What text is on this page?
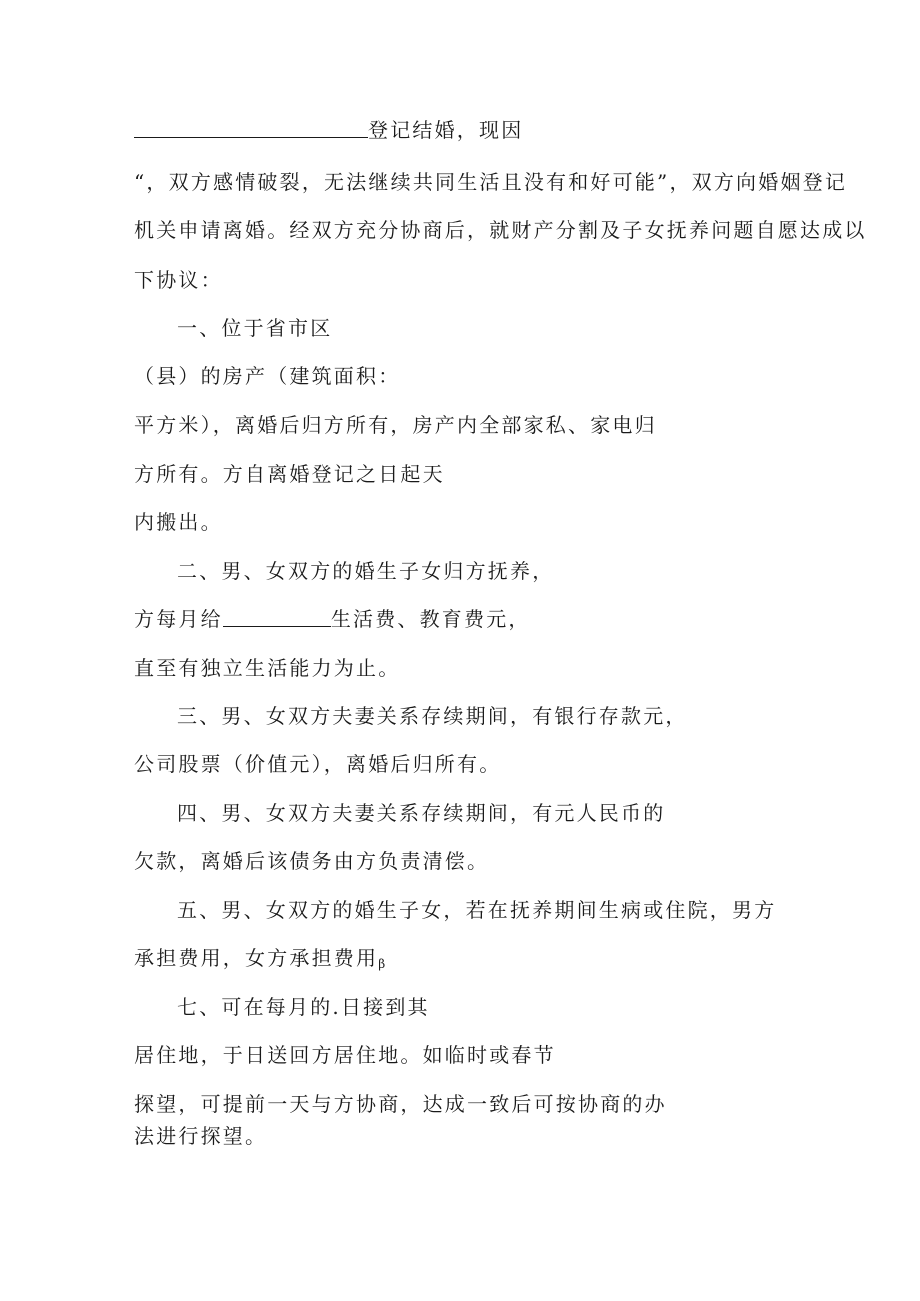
登记结婚，现因
“，双方感情破裂，无法继续共同生活且没有和好可能”，双方向婚姻登记
机关申请离婚。经双方充分协商后，就财产分割及子女抚养问题自愿达成以
下协议：
一、位于省市区
（县）的房产（建筑面积：
平方米），离婚后归方所有，房产内全部家私、家电归
方所有。方自离婚登记之日起天
内搬出。
二、男、女双方的婚生子女归方抚养，
方每月给	生活费、教育费元，
直至有独立生活能力为止。
三、男、女双方夫妻关系存续期间，有银行存款元，
公司股票（价值元），离婚后归所有。
四、男、女双方夫妻关系存续期间，有元人民币的
欠款，离婚后该债务由方负责清偿。
五、男、女双方的婚生子女，若在抚养期间生病或住院，男方
承担费用，女方承担费用β
七、可在每月的.日接到其
居住地，于日送回方居住地。如临时或春节
探望，可提前一天与方协商，达成一致后可按协商的办
法进行探望。
